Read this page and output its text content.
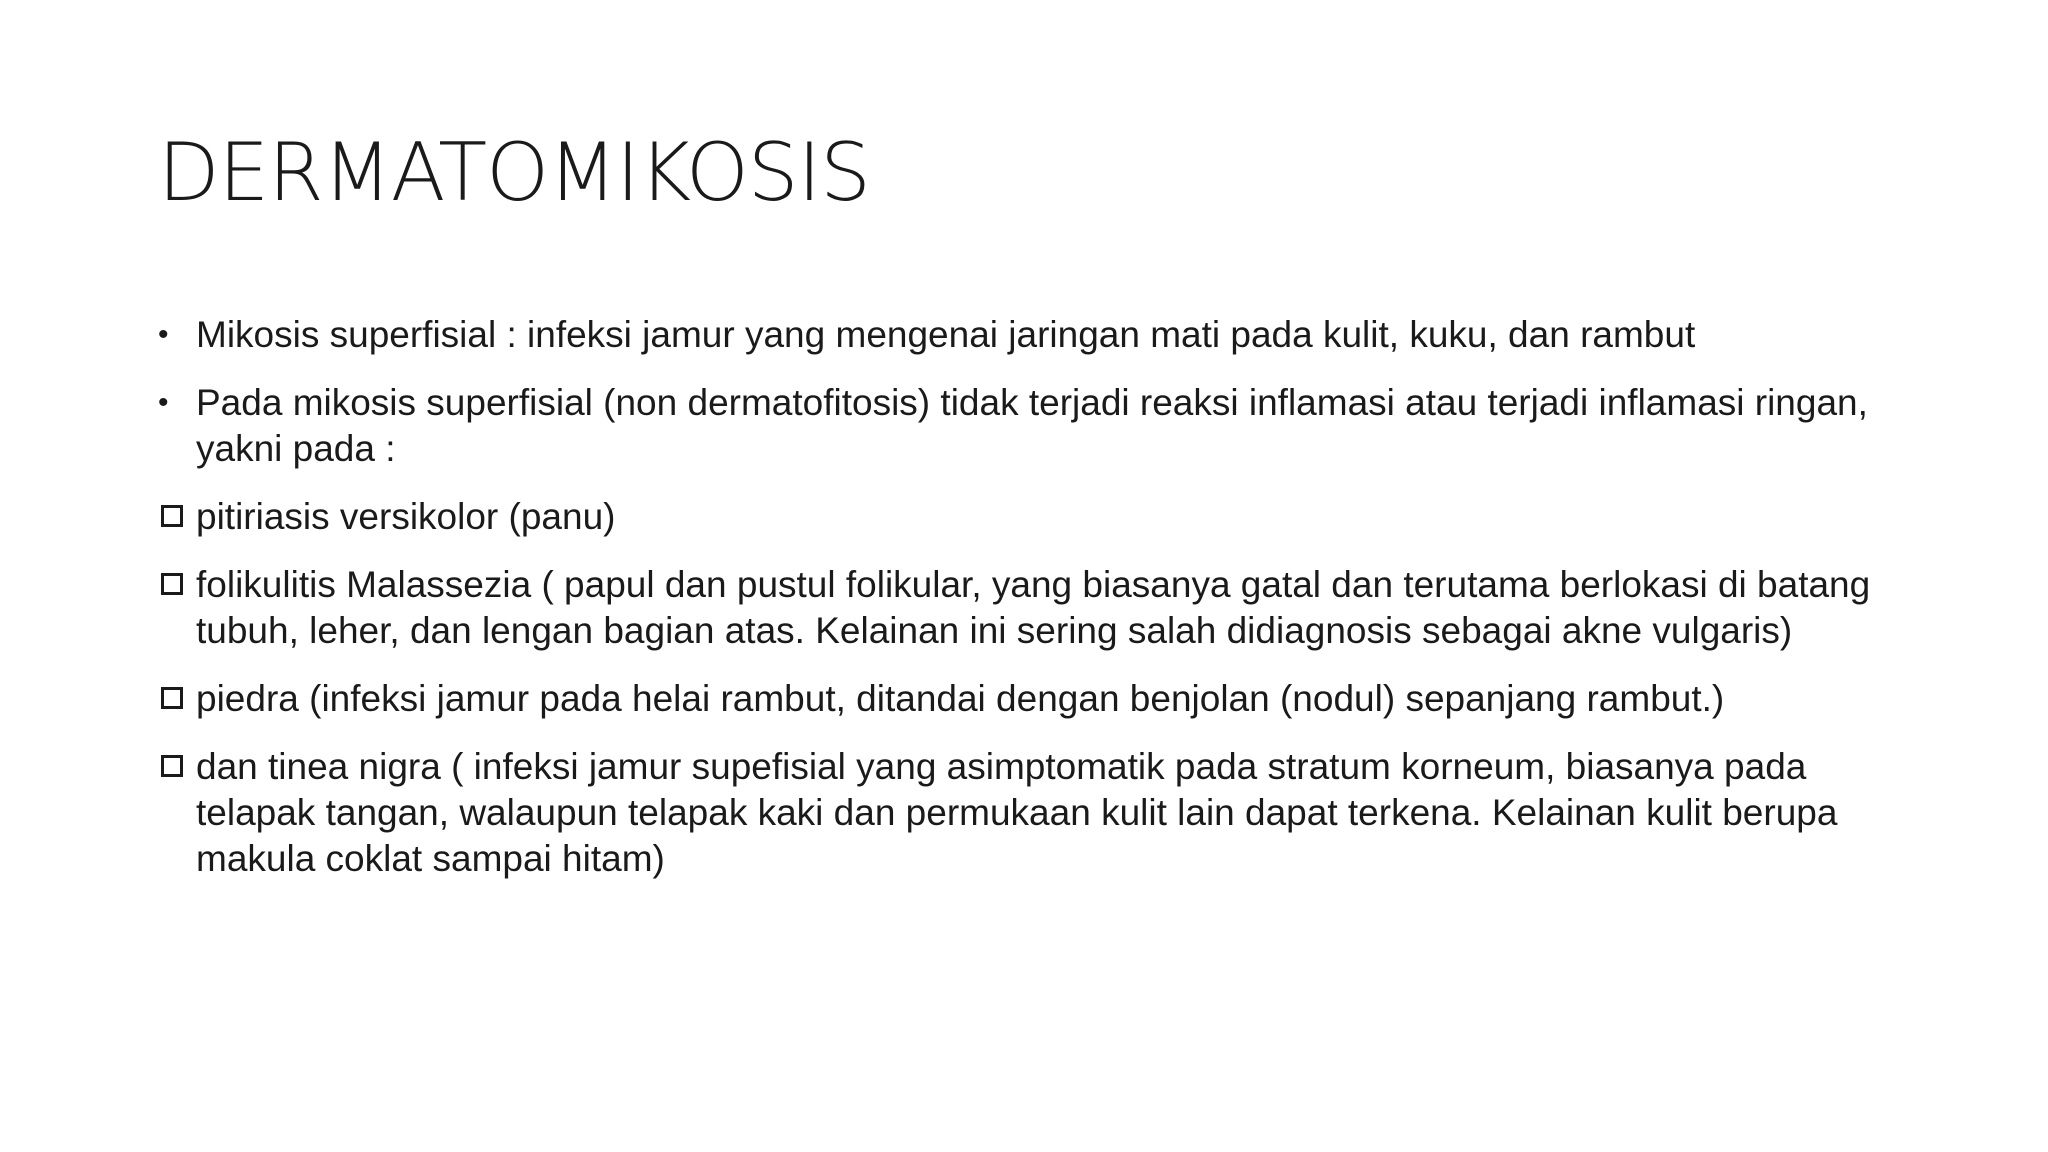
DERMATOMIKOSIS
• Mikosis superfisial : infeksi jamur yang mengenai jaringan mati pada kulit, kuku, dan rambut
• Pada mikosis superfisial (non dermatofitosis) tidak terjadi reaksi inflamasi atau terjadi inflamasi ringan, yakni pada :
pitiriasis versikolor (panu)
folikulitis Malassezia ( papul dan pustul folikular, yang biasanya gatal dan terutama berlokasi di batang tubuh, leher, dan lengan bagian atas. Kelainan ini sering salah didiagnosis sebagai akne vulgaris)
piedra (infeksi jamur pada helai rambut, ditandai dengan benjolan (nodul) sepanjang rambut.)
dan tinea nigra ( infeksi jamur supefisial yang asimptomatik pada stratum korneum, biasanya pada telapak tangan, walaupun telapak kaki dan permukaan kulit lain dapat terkena. Kelainan kulit berupa makula coklat sampai hitam)
